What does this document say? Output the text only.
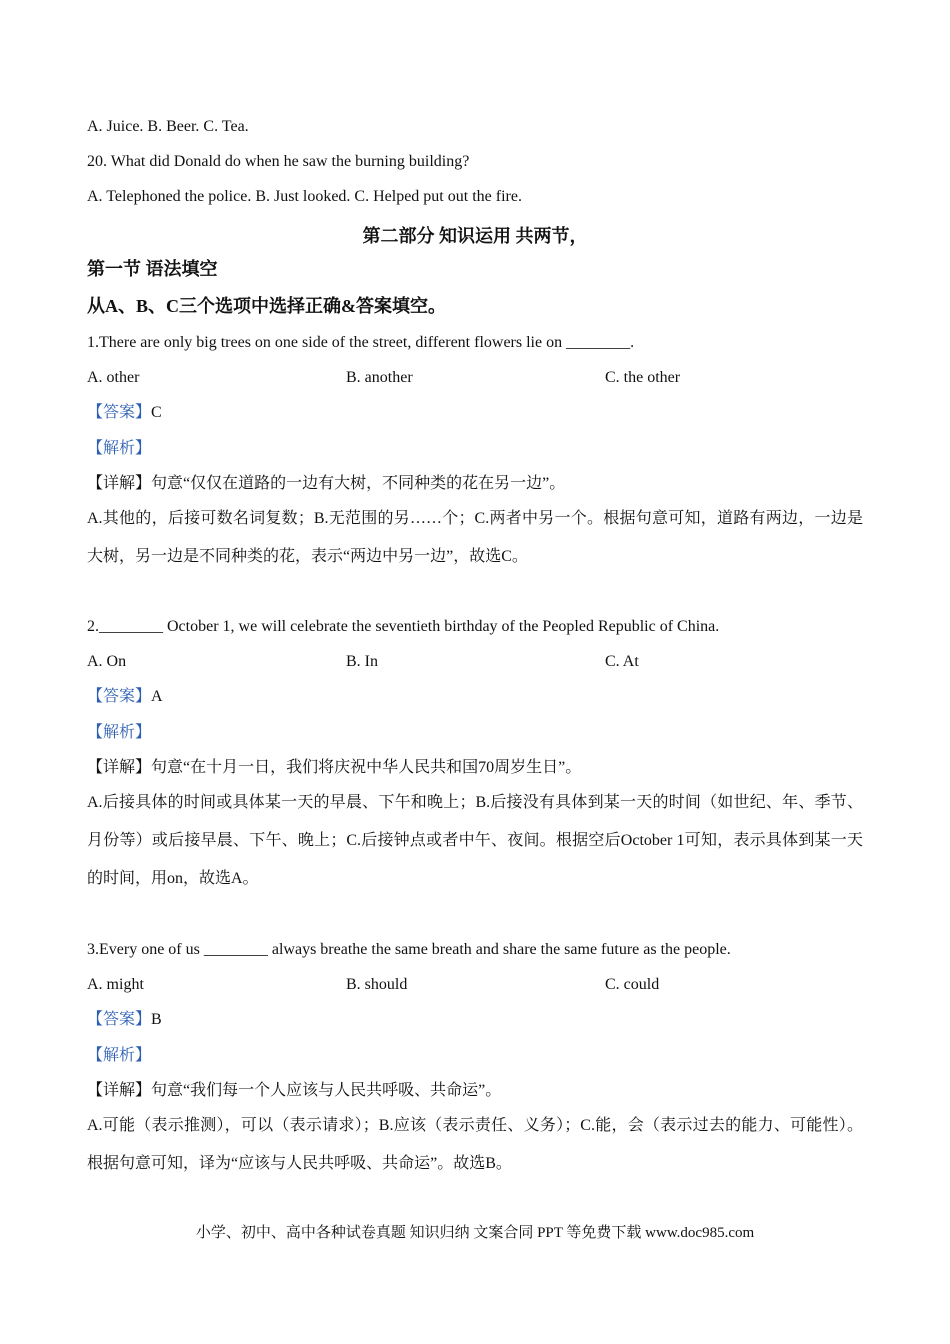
A. Juice. B. Beer. C. Tea.
20. What did Donald do when he saw the burning building?
A. Telephoned the police. B. Just looked. C. Helped put out the fire.
第二部分 知识运用 共两节，
第一节 语法填空
从A、B、C三个选项中选择正确&答案填空。
1.There are only big trees on one side of the street, different flowers lie on ________.
A. other	B. another	C. the other
【答案】C
【解析】
【详解】句意“仅仅在道路的一边有大树，不同种类的花在另一边”。
A.其他的，后接可数名词复数；B.无范围的另……个；C.两者中另一个。根据句意可知，道路有两边，一边是大树，另一边是不同种类的花，表示“两边中另一边”，故选C。
2.________ October 1, we will celebrate the seventieth birthday of the Peopled Republic of China.
A. On	B. In	C. At
【答案】A
【解析】
【详解】句意“在十月一日，我们将庆祝中华人民共和国70周岁生日”。
A.后接具体的时间或具体某一天的早晨、下午和晚上；B.后接没有具体到某一天的时间（如世纪、年、季节、月份等）或后接早晨、下午、晚上；C.后接钟点或者中午、夜间。根据空后October 1可知，表示具体到某一天的时间，用on，故选A。
3.Every one of us ________ always breathe the same breath and share the same future as the people.
A. might	B. should	C. could
【答案】B
【解析】
【详解】句意“我们每一个人应该与人民共呼吸、共命运”。
A.可能（表示推测），可以（表示请求）；B.应该（表示责任、义务）；C.能，会（表示过去的能力、可能性）。根据句意可知，译为“应该与人民共呼吸、共命运”。故选B。
小学、初中、高中各种试卷真题 知识归纳 文案合同 PPT 等免费下载 www.doc985.com
